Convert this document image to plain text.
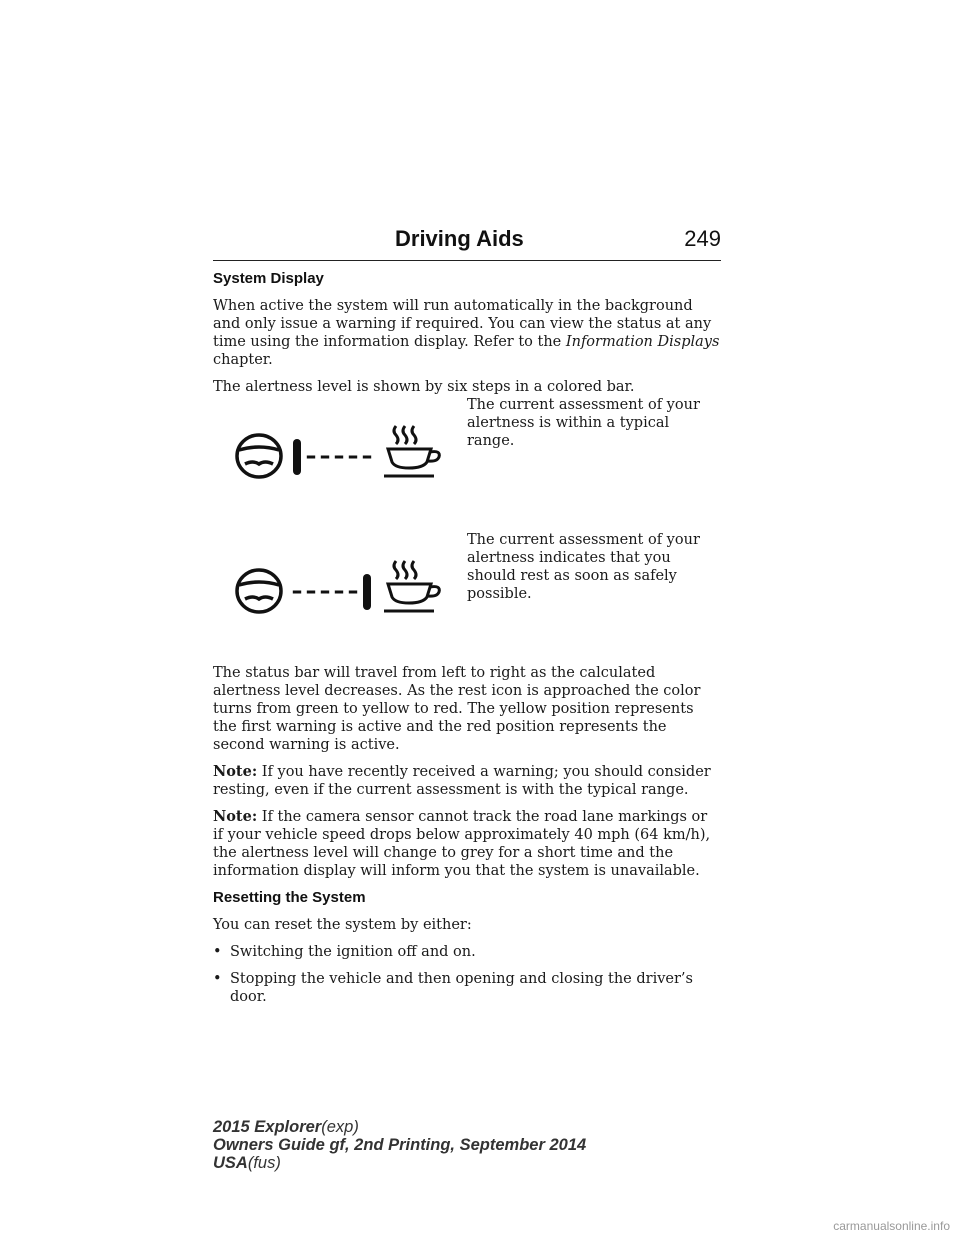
Driving Aids	249
System Display

When active the system will run automatically in the background and only issue a warning if required. You can view the status at any time using the information display. Refer to the Information Displays chapter.

The alertness level is shown by six steps in a colored bar.

The current assessment of your alertness is within a typical range.

The current assessment of your alertness indicates that you should rest as soon as safely possible.

The status bar will travel from left to right as the calculated alertness level decreases. As the rest icon is approached the color turns from green to yellow to red. The yellow position represents the first warning is active and the red position represents the second warning is active.

Note: If you have recently received a warning; you should consider resting, even if the current assessment is with the typical range.

Note: If the camera sensor cannot track the road lane markings or if your vehicle speed drops below approximately 40 mph (64 km/h), the alertness level will change to grey for a short time and the information display will inform you that the system is unavailable.

Resetting the System

You can reset the system by either:

• Switching the ignition off and on.
• Stopping the vehicle and then opening and closing the driver’s door.
2015 Explorer(exp)
Owners Guide gf, 2nd Printing, September 2014
USA(fus)
carmanualsonline.info
